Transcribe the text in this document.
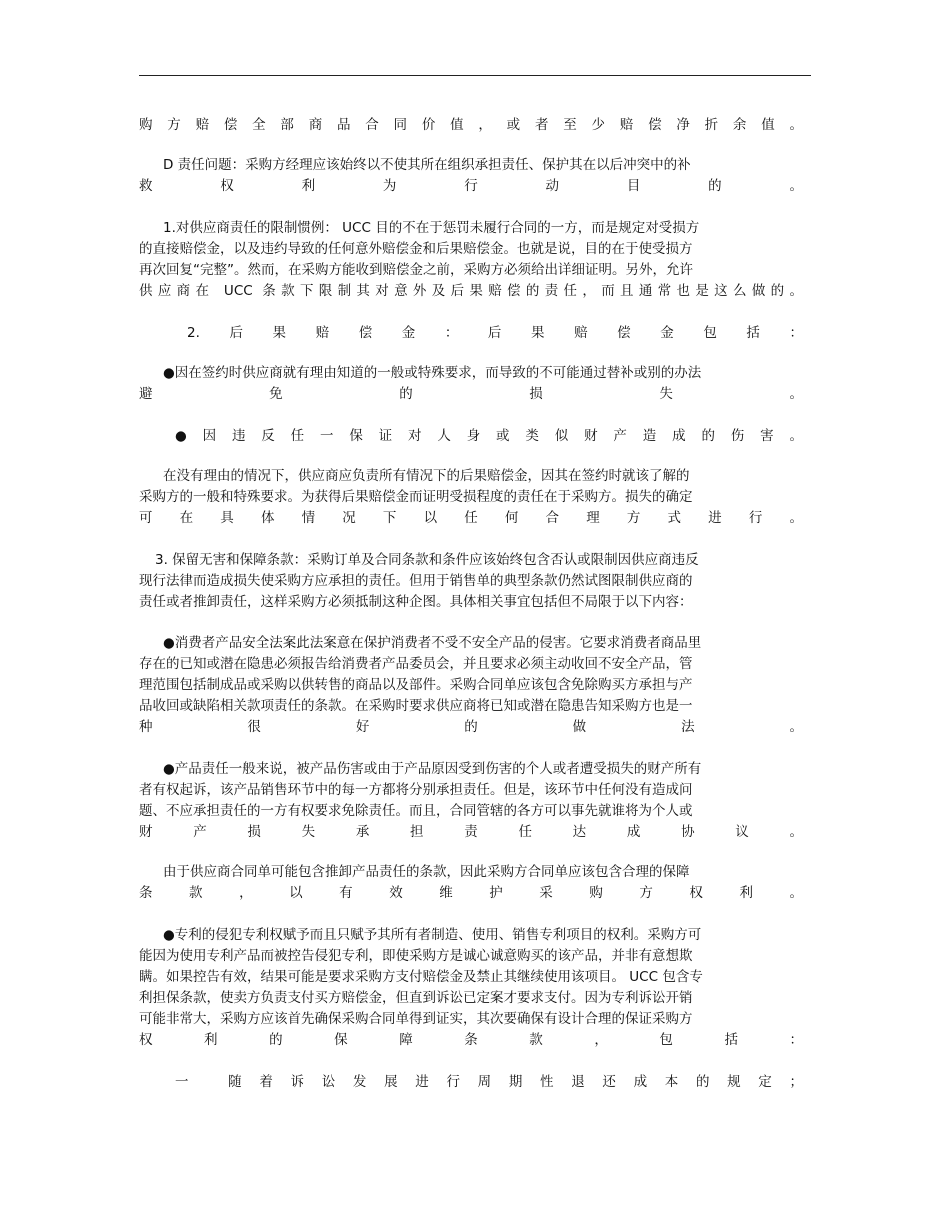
购方赔偿全部商品合同价值，或者至少赔偿净折余值。
D 责任问题：采购方经理应该始终以不使其所在组织承担责任、保护其在以后冲突中的补
救权利为行动目的。
1.对供应商责任的限制惯例： UCC 目的不在于惩罚未履行合同的一方，而是规定对受损方
的直接赔偿金，以及违约导致的任何意外赔偿金和后果赔偿金。也就是说，目的在于使受损方
再次回复“完整”。然而，在采购方能收到赔偿金之前，采购方必须给出详细证明。另外，允许
供应商在 UCC 条款下限制其对意外及后果赔偿的责任，而且通常也是这么做的。
2.后果赔偿金：后果赔偿金包括：
●因在签约时供应商就有理由知道的一般或特殊要求，而导致的不可能通过替补或别的办法
避免的损失。
●因违反任一保证对人身或类似财产造成的伤害。
在没有理由的情况下，供应商应负责所有情况下的后果赔偿金，因其在签约时就该了解的
采购方的一般和特殊要求。为获得后果赔偿金而证明受损程度的责任在于采购方。损失的确定
可在具体情况下以任何合理方式进行。
3. 保留无害和保障条款：采购订单及合同条款和条件应该始终包含否认或限制因供应商违反
现行法律而造成损失使采购方应承担的责任。但用于销售单的典型条款仍然试图限制供应商的
责任或者推卸责任，这样采购方必须抵制这种企图。具体相关事宜包括但不局限于以下内容：
●消费者产品安全法案此法案意在保护消费者不受不安全产品的侵害。它要求消费者商品里
存在的已知或潜在隐患必须报告给消费者产品委员会，并且要求必须主动收回不安全产品，管
理范围包括制成品或采购以供转售的商品以及部件。采购合同单应该包含免除购买方承担与产
品收回或缺陷相关款项责任的条款。在采购时要求供应商将已知或潜在隐患告知采购方也是一
种很好的做法。
●产品责任一般来说，被产品伤害或由于产品原因受到伤害的个人或者遭受损失的财产所有
者有权起诉，该产品销售环节中的每一方都将分别承担责任。但是，该环节中任何没有造成问
题、不应承担责任的一方有权要求免除责任。而且，合同管辖的各方可以事先就谁将为个人或
财产损失承担责任达成协议。
由于供应商合同单可能包含推卸产品责任的条款，因此采购方合同单应该包含合理的保障
条款，以有效维护采购方权利。
●专利的侵犯专利权赋予而且只赋予其所有者制造、使用、销售专利项目的权利。采购方可
能因为使用专利产品而被控告侵犯专利，即使采购方是诚心诚意购买的该产品，并非有意想欺
瞒。如果控告有效，结果可能是要求采购方支付赔偿金及禁止其继续使用该项目。 UCC 包含专
利担保条款，使卖方负责支付买方赔偿金，但直到诉讼已定案才要求支付。因为专利诉讼开销
可能非常大，采购方应该首先确保采购合同单得到证实，其次要确保有设计合理的保证采购方
权利的保障条款，包括：
一 随着诉讼发展进行周期性退还成本的规定；
